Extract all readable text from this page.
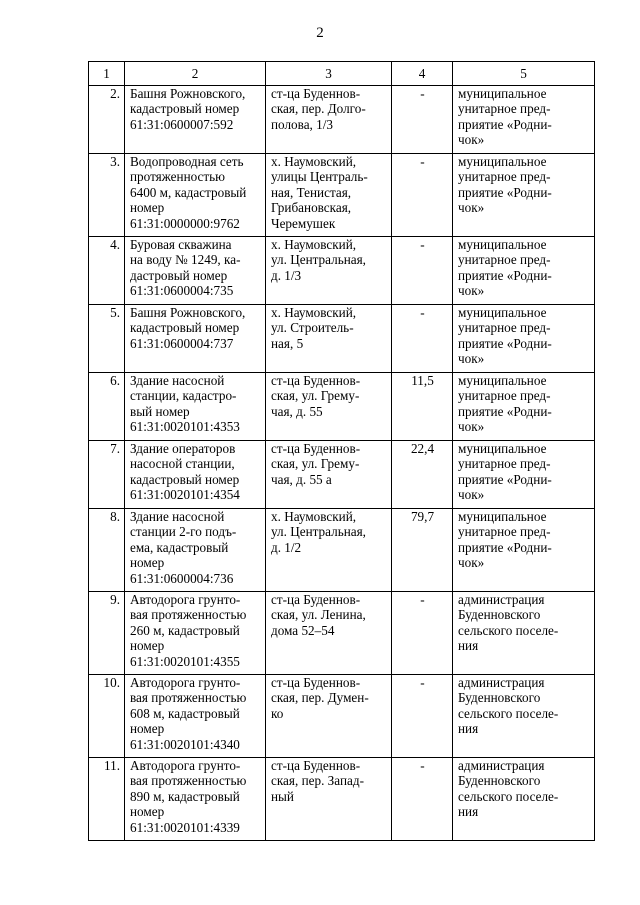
2
1	2	3	4	5
2.	Башня Рожновского,
кадастровый номер
61:31:0600007:592	ст-ца Буденнов-
ская, пер. Долго-
полова, 1/3	-	муниципальное
унитарное пред-
приятие «Родни-
чок»
3.	Водопроводная сеть
протяженностью
6400 м, кадастровый
номер
61:31:0000000:9762	х. Наумовский,
улицы Централь-
ная, Тенистая,
Грибановская,
Черемушек	-	муниципальное
унитарное пред-
приятие «Родни-
чок»
4.	Буровая скважина
на воду № 1249, ка-
дастровый номер
61:31:0600004:735	х. Наумовский,
ул. Центральная,
д. 1/3	-	муниципальное
унитарное пред-
приятие «Родни-
чок»
5.	Башня Рожновского,
кадастровый номер
61:31:0600004:737	х. Наумовский,
ул. Строитель-
ная, 5	-	муниципальное
унитарное пред-
приятие «Родни-
чок»
6.	Здание насосной
станции, кадастро-
вый номер
61:31:0020101:4353	ст-ца Буденнов-
ская, ул. Грему-
чая, д. 55	11,5	муниципальное
унитарное пред-
приятие «Родни-
чок»
7.	Здание операторов
насосной станции,
кадастровый номер
61:31:0020101:4354	ст-ца Буденнов-
ская, ул. Грему-
чая, д. 55 а	22,4	муниципальное
унитарное пред-
приятие «Родни-
чок»
8.	Здание насосной
станции 2-го подъ-
ема, кадастровый
номер
61:31:0600004:736	х. Наумовский,
ул. Центральная,
д. 1/2	79,7	муниципальное
унитарное пред-
приятие «Родни-
чок»
9.	Автодорога грунто-
вая протяженностью
260 м, кадастровый
номер
61:31:0020101:4355	ст-ца Буденнов-
ская, ул. Ленина,
дома 52–54	-	администрация
Буденновского
сельского поселе-
ния
10.	Автодорога грунто-
вая протяженностью
608 м, кадастровый
номер
61:31:0020101:4340	ст-ца Буденнов-
ская, пер. Думен-
ко	-	администрация
Буденновского
сельского поселе-
ния
11.	Автодорога грунто-
вая протяженностью
890 м, кадастровый
номер
61:31:0020101:4339	ст-ца Буденнов-
ская, пер. Запад-
ный	-	администрация
Буденновского
сельского поселе-
ния
